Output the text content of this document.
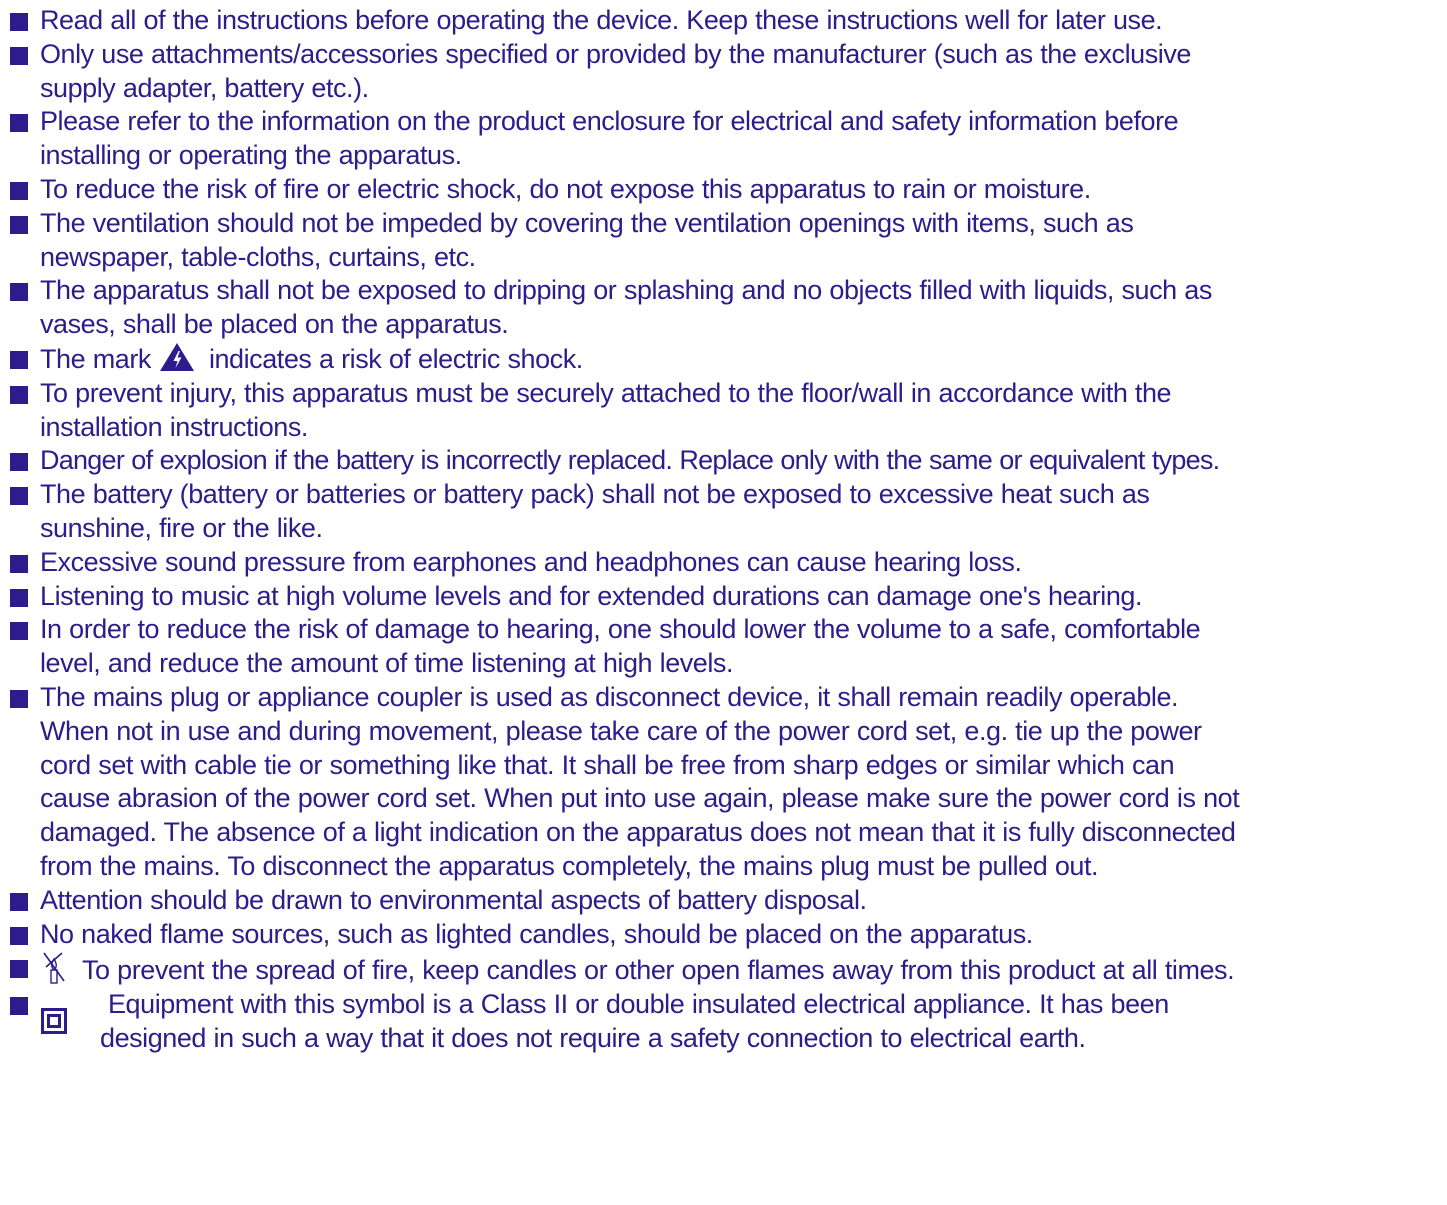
Read all of the instructions before operating the device. Keep these instructions well for later use.
Only use attachments/accessories specified or provided by the manufacturer (such as the exclusive
supply adapter, battery etc.).
Please refer to the information on the product enclosure for electrical and safety information before
installing or operating the apparatus.
To reduce the risk of fire or electric shock, do not expose this apparatus to rain or moisture.
The ventilation should not be impeded by covering the ventilation openings with items, such as
newspaper, table-cloths, curtains, etc.
The apparatus shall not be exposed to dripping or splashing and no objects filled with liquids, such as
vases, shall be placed on the apparatus.
The mark indicates a risk of electric shock.
To prevent injury, this apparatus must be securely attached to the floor/wall in accordance with the
installation instructions.
Danger of explosion if the battery is incorrectly replaced. Replace only with the same or equivalent types.
The battery (battery or batteries or battery pack) shall not be exposed to excessive heat such as
sunshine, fire or the like.
Excessive sound pressure from earphones and headphones can cause hearing loss.
Listening to music at high volume levels and for extended durations can damage one's hearing.
In order to reduce the risk of damage to hearing, one should lower the volume to a safe, comfortable
level, and reduce the amount of time listening at high levels.
The mains plug or appliance coupler is used as disconnect device, it shall remain readily operable.
When not in use and during movement, please take care of the power cord set, e.g. tie up the power
cord set with cable tie or something like that. It shall be free from sharp edges or similar which can
cause abrasion of the power cord set. When put into use again, please make sure the power cord is not
damaged. The absence of a light indication on the apparatus does not mean that it is fully disconnected
from the mains. To disconnect the apparatus completely, the mains plug must be pulled out.
Attention should be drawn to environmental aspects of battery disposal.
No naked flame sources, such as lighted candles, should be placed on the apparatus.
To prevent the spread of fire, keep candles or other open flames away from this product at all times.
Equipment with this symbol is a Class II or double insulated electrical appliance. It has been
designed in such a way that it does not require a safety connection to electrical earth.
